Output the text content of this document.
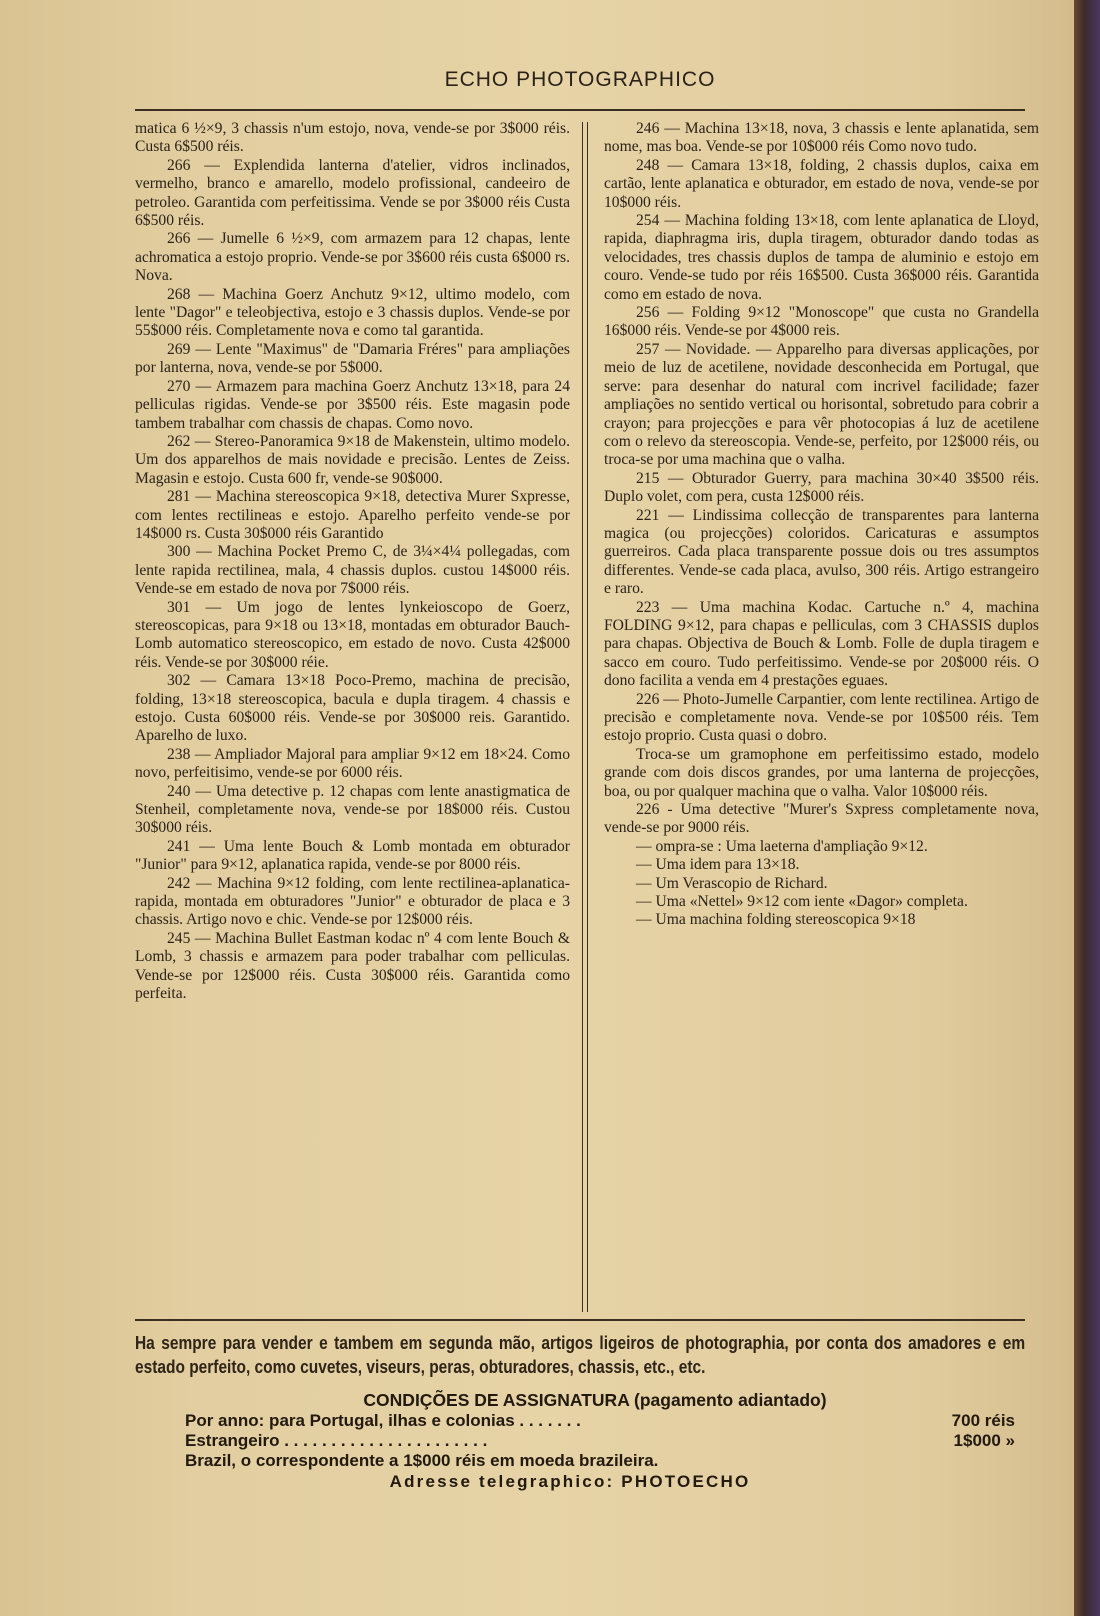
ECHO PHOTOGRAPHICO

matica 6 ½×9, 3 chassis n'um estojo, nova, vende-se por 3$000 réis. Custa 6$500 réis.

266 — Explendida lanterna d'atelier, vidros inclinados, vermelho, branco e amarello, modelo profissional, candeeiro de petroleo. Garantida com perfeitissima. Vende se por 3$000 réis Custa 6$500 réis.

266 — Jumelle 6 ½×9, com armazem para 12 chapas, lente achromatica a estojo proprio. Vende-se por 3$600 réis custa 6$000 rs. Nova.

268 — Machina Goerz Anchutz 9×12, ultimo modelo, com lente "Dagor" e teleobjectiva, estojo e 3 chassis duplos. Vende-se por 55$000 réis. Completamente nova e como tal garantida.

269 — Lente "Maximus" de "Damaria Fréres" para ampliações por lanterna, nova, vende-se por 5$000.

270 — Armazem para machina Goerz Anchutz 13×18, para 24 pelliculas rigidas. Vende-se por 3$500 réis. Este magasin pode tambem trabalhar com chassis de chapas. Como novo.

262 — Stereo-Panoramica 9×18 de Makenstein, ultimo modelo. Um dos apparelhos de mais novidade e precisão. Lentes de Zeiss. Magasin e estojo. Custa 600 fr, vende-se 90$000.

281 — Machina stereoscopica 9×18, detectiva Murer Sxpresse, com lentes rectilineas e estojo. Aparelho perfeito vende-se por 14$000 rs. Custa 30$000 réis Garantido

300 — Machina Pocket Premo C, de 3¼×4¼ pollegadas, com lente rapida rectilinea, mala, 4 chassis duplos. custou 14$000 réis. Vende-se em estado de nova por 7$000 réis.

301 — Um jogo de lentes lynkeioscopo de Goerz, stereoscopicas, para 9×18 ou 13×18, montadas em obturador Bauch-Lomb automatico stereoscopico, em estado de novo. Custa 42$000 réis. Vende-se por 30$000 réie.

302 — Camara 13×18 Poco-Premo, machina de precisão, folding, 13×18 stereoscopica, bacula e dupla tiragem. 4 chassis e estojo. Custa 60$000 réis. Vende-se por 30$000 reis. Garantido. Aparelho de luxo.

238 — Ampliador Majoral para ampliar 9×12 em 18×24. Como novo, perfeitisimo, vende-se por 6000 réis.

240 — Uma detective p. 12 chapas com lente anastigmatica de Stenheil, completamente nova, vende-se por 18$000 réis. Custou 30$000 réis.

241 — Uma lente Bouch & Lomb montada em obturador "Junior" para 9×12, aplanatica rapida, vende-se por 8000 réis.

242 — Machina 9×12 folding, com lente rectilinea-aplanatica-rapida, montada em obturadores "Junior" e obturador de placa e 3 chassis. Artigo novo e chic. Vende-se por 12$000 réis.

245 — Machina Bullet Eastman kodac nº 4 com lente Bouch & Lomb, 3 chassis e armazem para poder trabalhar com pelliculas. Vende-se por 12$000 réis. Custa 30$000 réis. Garantida como perfeita.

246 — Machina 13×18, nova, 3 chassis e lente aplanatida, sem nome, mas boa. Vende-se por 10$000 réis Como novo tudo.

248 — Camara 13×18, folding, 2 chassis duplos, caixa em cartão, lente aplanatica e obturador, em estado de nova, vende-se por 10$000 réis.

254 — Machina folding 13×18, com lente aplanatica de Lloyd, rapida, diaphragma iris, dupla tiragem, obturador dando todas as velocidades, tres chassis duplos de tampa de aluminio e estojo em couro. Vende-se tudo por réis 16$500. Custa 36$000 réis. Garantida como em estado de nova.

256 — Folding 9×12 "Monoscope" que custa no Grandella 16$000 réis. Vende-se por 4$000 reis.

257 — Novidade. — Apparelho para diversas applicações, por meio de luz de acetilene, novidade desconhecida em Portugal, que serve: para desenhar do natural com incrivel facilidade; fazer ampliações no sentido vertical ou horisontal, sobretudo para cobrir a crayon; para projecções e para vêr photocopias á luz de acetilene com o relevo da stereoscopia. Vende-se, perfeito, por 12$000 réis, ou troca-se por uma machina que o valha.

215 — Obturador Guerry, para machina 30×40 3$500 réis. Duplo volet, com pera, custa 12$000 réis.

221 — Lindissima collecção de transparentes para lanterna magica (ou projecções) coloridos. Caricaturas e assumptos guerreiros. Cada placa transparente possue dois ou tres assumptos differentes. Vende-se cada placa, avulso, 300 réis. Artigo estrangeiro e raro.

223 — Uma machina Kodac. Cartuche n.º 4, machina FOLDING 9×12, para chapas e pelliculas, com 3 CHASSIS duplos para chapas. Objectiva de Bouch & Lomb. Folle de dupla tiragem e sacco em couro. Tudo perfeitissimo. Vende-se por 20$000 réis. O dono facilita a venda em 4 prestações eguaes.

226 — Photo-Jumelle Carpantier, com lente rectilinea. Artigo de precisão e completamente nova. Vende-se por 10$500 réis. Tem estojo proprio. Custa quasi o dobro.

Troca-se um gramophone em perfeitissimo estado, modelo grande com dois discos grandes, por uma lanterna de projecções, boa, ou por qualquer machina que o valha. Valor 10$000 réis.

226 - Uma detective "Murer's Sxpress completamente nova, vende-se por 9000 réis.

— ompra-se : Uma laeterna d'ampliação 9×12.

— Uma idem para 13×18.

— Um Verascopio de Richard.

— Uma «Nettel» 9×12 com iente «Dagor» completa.

— Uma machina folding stereoscopica 9×18

Ha sempre para vender e tambem em segunda mão, artigos ligeiros de photographia, por conta dos amadores e em estado perfeito, como cuvetes, viseurs, peras, obturadores, chassis, etc., etc.
CONDIÇÕES DE ASSIGNATURA (pagamento adiantado)
Por anno: para Portugal, ilhas e colonias . . . . . . .	700 réis
Estrangeiro . . . . . . . . . . . . . . . . . . . . . .	1$000 »
Brazil, o correspondente a 1$000 réis em moeda brazileira.
Adresse telegraphico: PHOTOECHO
